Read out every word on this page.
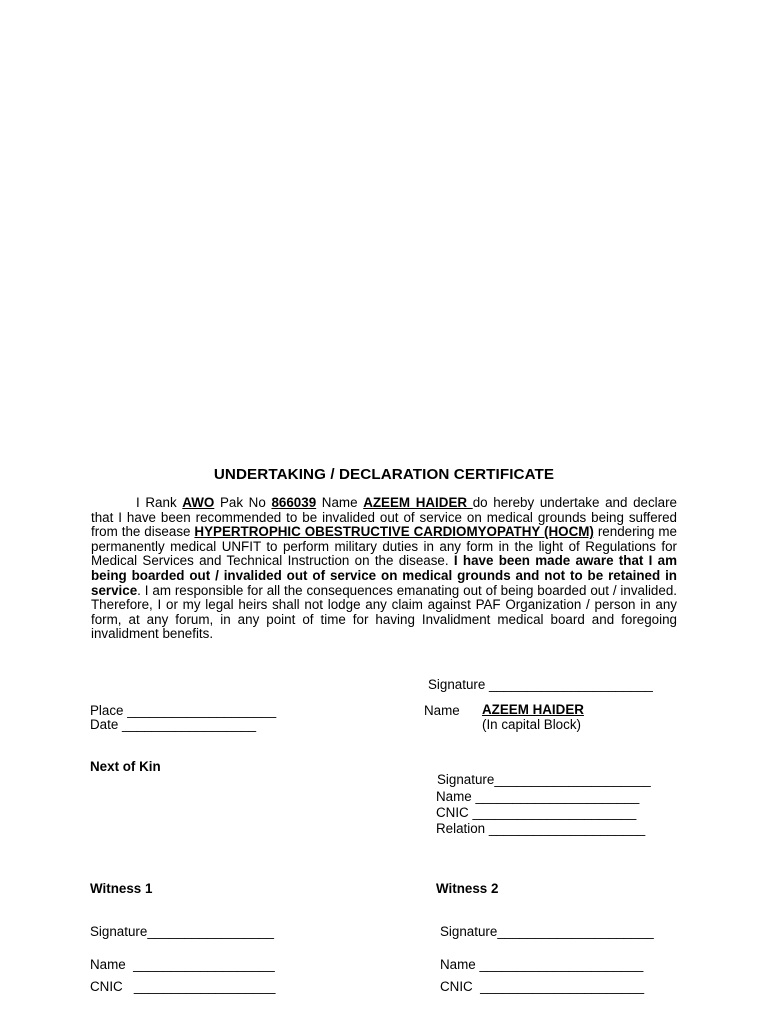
UNDERTAKING / DECLARATION CERTIFICATE
I Rank AWO Pak No 866039 Name AZEEM HAIDER do hereby undertake and declare that I have been recommended to be invalided out of service on medical grounds being suffered from the disease HYPERTROPHIC OBESTRUCTIVE CARDIOMYOPATHY (HOCM) rendering me permanently medical UNFIT to perform military duties in any form in the light of Regulations for Medical Services and Technical Instruction on the disease. I have been made aware that I am being boarded out / invalided out of service on medical grounds and not to be retained in service. I am responsible for all the consequences emanating out of being boarded out / invalided. Therefore, I or my legal heirs shall not lodge any claim against PAF Organization / person in any form, at any forum, in any point of time for having Invalidment medical board and foregoing invalidment benefits.
Signature ______________________
Place ____________________	Name AZEEM HAIDER
Date __________________	(In capital Block)
Next of Kin
Signature_____________________
Name ______________________
CNIC ______________________
Relation _____________________
Witness 1	Witness 2
Signature_________________	Signature_____________________
Name  ___________________	Name ______________________
CNIC   ___________________	CNIC  ______________________
